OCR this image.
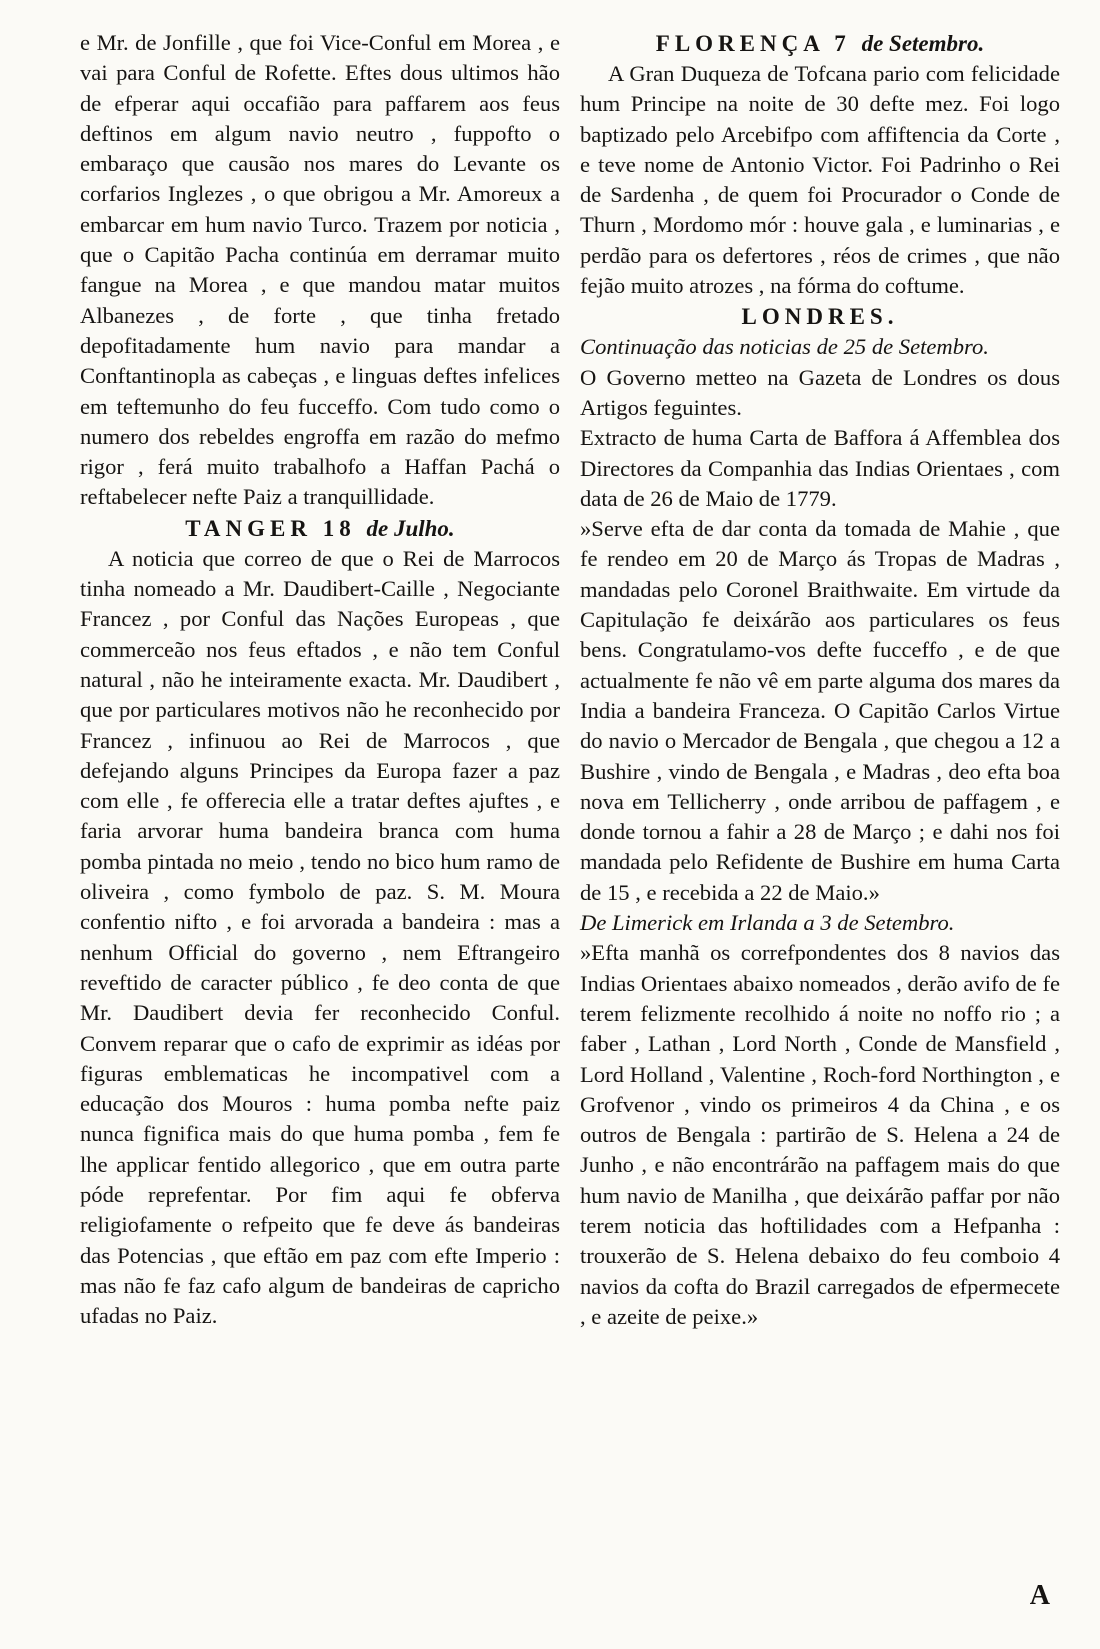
e Mr. de Jonfille , que foi Vice-Conful em Morea , e vai para Conful de Rofette. Eftes dous ultimos hão de efperar aqui occafião para paffarem aos feus deftinos em algum navio neutro , fuppofto o embaraço que causão nos mares do Levante os corfarios Inglezes , o que obrigou a Mr. Amoreux a embarcar em hum navio Turco. Trazem por noticia , que o Capitão Pacha continúa em derramar muito fangue na Morea , e que mandou matar muitos Albanezes , de forte , que tinha fretado depofitadamente hum navio para mandar a Conftantinopla as cabeças , e linguas deftes infelices em teftemunho do feu fucceffo. Com tudo como o numero dos rebeldes engroffa em razão do mefmo rigor , ferá muito trabalhofo a Haffan Pachá o reftabelecer nefte Paiz a tranquillidade.

TANGER 18 de Julho.

A noticia que correo de que o Rei de Marrocos tinha nomeado a Mr. Daudibert-Caille , Negociante Francez , por Conful das Nações Europeas , que commerceão nos feus eftados , e não tem Conful natural , não he inteiramente exacta. Mr. Daudibert , que por particulares motivos não he reconhecido por Francez , infinuou ao Rei de Marrocos , que defejando alguns Principes da Europa fazer a paz com elle , fe offerecia elle a tratar deftes ajuftes , e faria arvorar huma bandeira branca com huma pomba pintada no meio , tendo no bico hum ramo de oliveira , como fymbolo de paz. S. M. Moura confentio nifto , e foi arvorada a bandeira : mas a nenhum Official do governo , nem Eftrangeiro reveftido de caracter público , fe deo conta de que Mr. Daudibert devia fer reconhecido Conful. Convem reparar que o cafo de exprimir as idéas por figuras emblematicas he incompativel com a educação dos Mouros : huma pomba nefte paiz nunca fignifica mais do que huma pomba , fem fe lhe applicar fentido allegorico , que em outra parte póde reprefentar. Por fim aqui fe obferva religiofamente o refpeito que fe deve ás bandeiras das Potencias , que eftão em paz com efte Imperio : mas não fe faz cafo algum de bandeiras de capricho ufadas no Paiz.

FLORENÇA 7 de Setembro.

A Gran Duqueza de Tofcana pario com felicidade hum Principe na noite de 30 defte mez. Foi logo baptizado pelo Arcebifpo com affiftencia da Corte , e teve nome de Antonio Victor. Foi Padrinho o Rei de Sardenha , de quem foi Procurador o Conde de Thurn , Mordomo mór : houve gala , e luminarias , e perdão para os defertores , réos de crimes , que não fejão muito atrozes , na fórma do coftume.

LONDRES.

Continuação das noticias de 25 de Setembro.

O Governo metteo na Gazeta de Londres os dous Artigos feguintes.

Extracto de huma Carta de Baffora á Affemblea dos Directores da Companhia das Indias Orientaes , com data de 26 de Maio de 1779.

»Serve efta de dar conta da tomada de Mahie , que fe rendeo em 20 de Março ás Tropas de Madras , mandadas pelo Coronel Braithwaite. Em virtude da Capitulação fe deixárão aos particulares os feus bens. Congratulamo-vos defte fucceffo , e de que actualmente fe não vê em parte alguma dos mares da India a bandeira Franceza. O Capitão Carlos Virtue do navio o Mercador de Bengala , que chegou a 12 a Bushire , vindo de Bengala , e Madras , deo efta boa nova em Tellicherry , onde arribou de paffagem , e donde tornou a fahir a 28 de Março ; e dahi nos foi mandada pelo Refidente de Bushire em huma Carta de 15 , e recebida a 22 de Maio.»

De Limerick em Irlanda a 3 de Setembro.

»Efta manhã os correfpondentes dos 8 navios das Indias Orientaes abaixo nomeados , derão avifo de fe terem felizmente recolhido á noite no noffo rio ; a faber , Lathan , Lord North , Conde de Mansfield , Lord Holland , Valentine , Roch-ford Northington , e Grofvenor , vindo os primeiros 4 da China , e os outros de Bengala : partirão de S. Helena a 24 de Junho , e não encontrárão na paffagem mais do que hum navio de Manilha , que deixárão paffar por não terem noticia das hoftilidades com a Hefpanha : trouxerão de S. Helena debaixo do feu comboio 4 navios da cofta do Brazil carregados de efpermecete , e azeite de peixe.»

A
